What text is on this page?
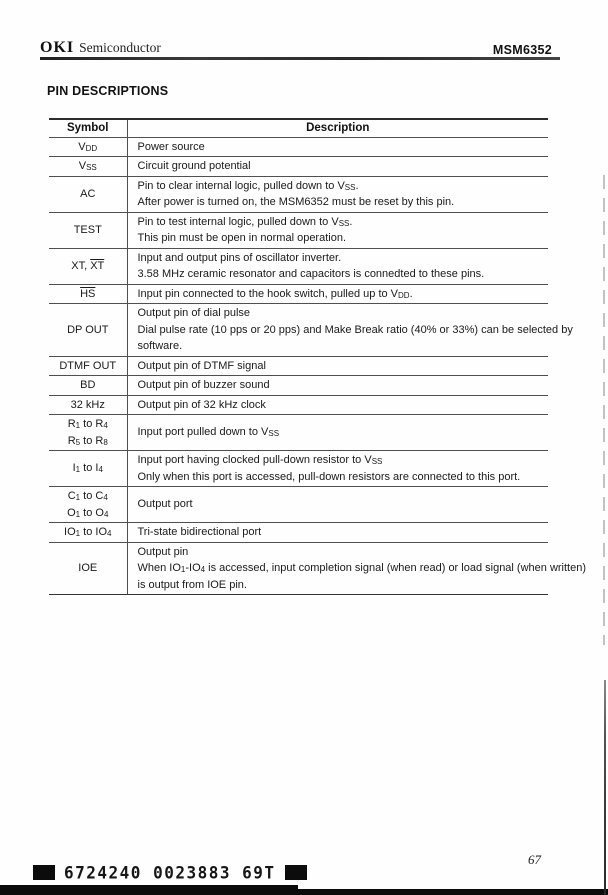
OKI Semiconductor	MSM6352
PIN DESCRIPTIONS
Symbol	Description

$V_{DD}$	Power source

$V_{SS}$	Circuit ground potential

AC	Pin to clear internal logic, pulled down to $V_{SS}$.
After power is turned on, the MSM6352 must be reset by this pin.

TEST	Pin to test internal logic, pulled down to $V_{SS}$.
This pin must be open in normal operation.

XT, $\overline{XT}$	Input and output pins of oscillator inverter.
3.58 MHz ceramic resonator and capacitors is connedted to these pins.

$\overline{HS}$	Input pin connected to the hook switch, pulled up to $V_{DD}$.

DP OUT	Output pin of dial pulse
Dial pulse rate (10 pps or 20 pps) and Make Break ratio (40% or 33%) can be selected by
software.

DTMF OUT	Output pin of DTMF signal

BD	Output pin of buzzer sound

32 kHz	Output pin of 32 kHz clock

$R_1$ to $R_4$
$R_5$ to $R_8$	Input port pulled down to $V_{SS}$

$I_1$ to $I_4$	Input port having clocked pull-down resistor to $V_{SS}$
Only when this port is accessed, pull-down resistors are connected to this port.

$C_1$ to $C_4$
$O_1$ to $O_4$	Output port

$IO_1$ to $IO_4$	Tri-state bidirectional port

IOE	Output pin
When $IO_1-IO_4$ is accessed, input completion signal (when read) or load signal (when written)
is output from IOE pin.
6724240 0023883 69T
67
